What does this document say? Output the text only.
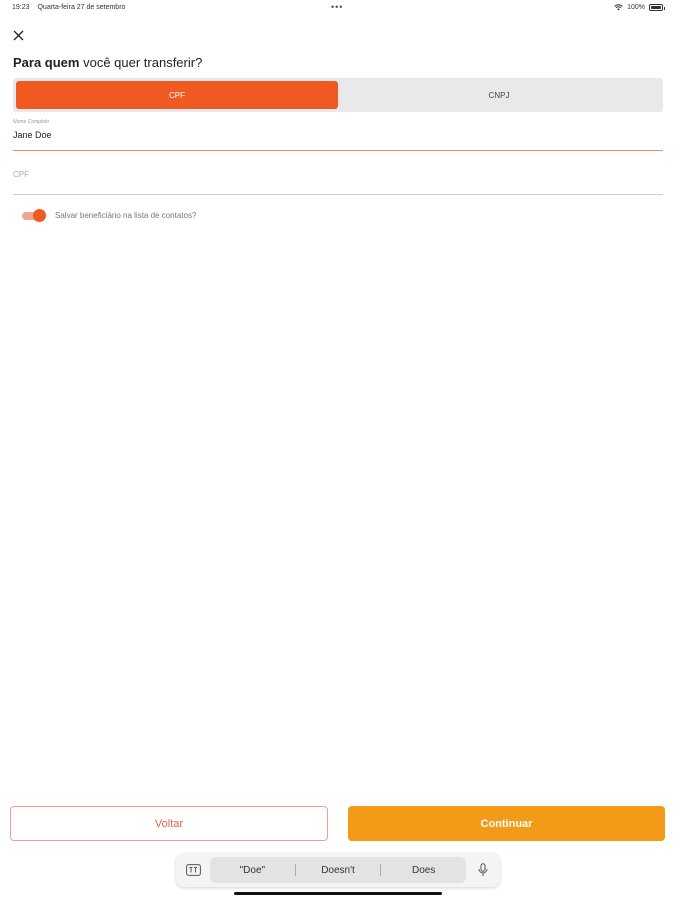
19:23 Quarta-feira 27 de setembro	•••	100%
Para quem você quer transferir?
CPF	CNPJ
Nome Completo
Jane Doe
CPF
Salvar beneficiário na lista de contatos?
Voltar	Continuar
"Doe"	Doesn't	Does
